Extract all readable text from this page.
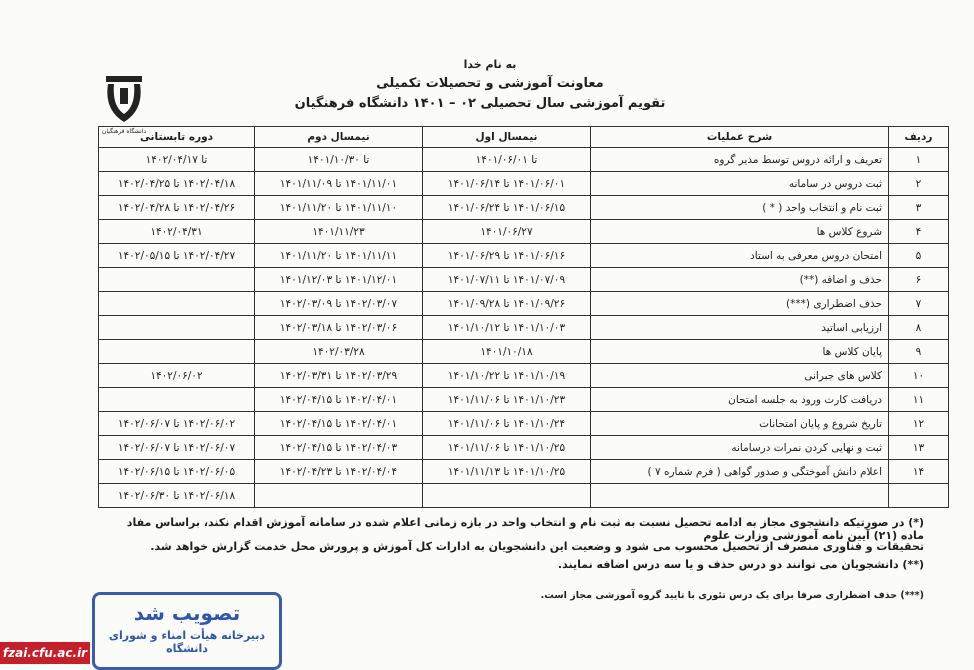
به نام خدا
معاونت آموزشی و تحصیلات تکمیلی
تقویم آموزشی سال تحصیلی ۰۲ – ۱۴۰۱ دانشگاه فرهنگیان
دانشگاه فرهنگیان	ردیف	شرح عملیات	نیمسال اول	نیمسال دوم	دوره تابستانی
۱	تعریف و ارائه دروس توسط مدیر گروه	تا ۱۴۰۱/۰۶/۰۱	تا ۱۴۰۱/۱۰/۳۰	تا ۱۴۰۲/۰۴/۱۷
۲	ثبت دروس در سامانه	۱۴۰۱/۰۶/۰۱ تا ۱۴۰۱/۰۶/۱۴	۱۴۰۱/۱۱/۰۱ تا ۱۴۰۱/۱۱/۰۹	۱۴۰۲/۰۴/۱۸ تا ۱۴۰۲/۰۴/۲۵
۳	ثبت نام و انتخاب واحد ( * )	۱۴۰۱/۰۶/۱۵ تا ۱۴۰۱/۰۶/۲۴	۱۴۰۱/۱۱/۱۰ تا ۱۴۰۱/۱۱/۲۰	۱۴۰۲/۰۴/۲۶ تا ۱۴۰۲/۰۴/۲۸
۴	شروع کلاس ها	۱۴۰۱/۰۶/۲۷	۱۴۰۱/۱۱/۲۳	۱۴۰۲/۰۴/۳۱
۵	امتحان دروس معرفی به استاد	۱۴۰۱/۰۶/۱۶ تا ۱۴۰۱/۰۶/۲۹	۱۴۰۱/۱۱/۱۱ تا ۱۴۰۱/۱۱/۲۰	۱۴۰۲/۰۴/۲۷ تا ۱۴۰۲/۰۵/۱۵
۶	حذف و اضافه (**)	۱۴۰۱/۰۷/۰۹ تا ۱۴۰۱/۰۷/۱۱	۱۴۰۱/۱۲/۰۱ تا ۱۴۰۱/۱۲/۰۳	
۷	حذف اضطراری (***)	۱۴۰۱/۰۹/۲۶ تا ۱۴۰۱/۰۹/۲۸	۱۴۰۲/۰۳/۰۷ تا ۱۴۰۲/۰۳/۰۹	
۸	ارزیابی اساتید	۱۴۰۱/۱۰/۰۳ تا ۱۴۰۱/۱۰/۱۲	۱۴۰۲/۰۳/۰۶ تا ۱۴۰۲/۰۳/۱۸	
۹	پایان کلاس ها	۱۴۰۱/۱۰/۱۸	۱۴۰۲/۰۳/۲۸	
۱۰	کلاس های جبرانی	۱۴۰۱/۱۰/۱۹ تا ۱۴۰۱/۱۰/۲۲	۱۴۰۲/۰۳/۲۹ تا ۱۴۰۲/۰۳/۳۱	۱۴۰۲/۰۶/۰۲
۱۱	دریافت کارت ورود به جلسه امتحان	۱۴۰۱/۱۰/۲۳ تا ۱۴۰۱/۱۱/۰۶	۱۴۰۲/۰۴/۰۱ تا ۱۴۰۲/۰۴/۱۵	
۱۲	تاریخ شروع و پایان امتحانات	۱۴۰۱/۱۰/۲۴ تا ۱۴۰۱/۱۱/۰۶	۱۴۰۲/۰۴/۰۱ تا ۱۴۰۲/۰۴/۱۵	۱۴۰۲/۰۶/۰۲ تا ۱۴۰۲/۰۶/۰۷
۱۳	ثبت و نهایی کردن نمرات درسامانه	۱۴۰۱/۱۰/۲۵ تا ۱۴۰۱/۱۱/۰۶	۱۴۰۲/۰۴/۰۳ تا ۱۴۰۲/۰۴/۱۵	۱۴۰۲/۰۶/۰۷ تا ۱۴۰۲/۰۶/۰۷
۱۴	اعلام دانش آموختگی و صدور گواهی ( فرم شماره ۷ )	۱۴۰۱/۱۰/۲۵ تا ۱۴۰۱/۱۱/۱۳	۱۴۰۲/۰۴/۰۴ تا ۱۴۰۲/۰۴/۲۳	۱۴۰۲/۰۶/۰۵ تا ۱۴۰۲/۰۶/۱۵
				۱۴۰۲/۰۶/۱۸ تا ۱۴۰۲/۰۶/۳۰
(*) در صورتیکه دانشجوی مجاز به ادامه تحصیل نسبت به ثبت نام و انتخاب واحد در بازه زمانی اعلام شده در سامانه آموزش اقدام نکند، براساس مفاد ماده (۲۱) آیین نامه آموزشی وزارت علوم
تحقیقات و فناوری منصرف از تحصیل محسوب می شود و وضعیت این دانشجویان به ادارات کل آموزش و پرورش محل خدمت گزارش خواهد شد.
(**) دانشجویان می توانند دو درس حذف و یا سه درس اضافه نمایند.
(***) حذف اضطراری صرفا برای یک درس تئوری با تایید گروه آموزشی مجاز است.
تصویب شد
دبیرخانه هیأت امناء و شورای دانشگاه
fzai.cfu.ac.ir
